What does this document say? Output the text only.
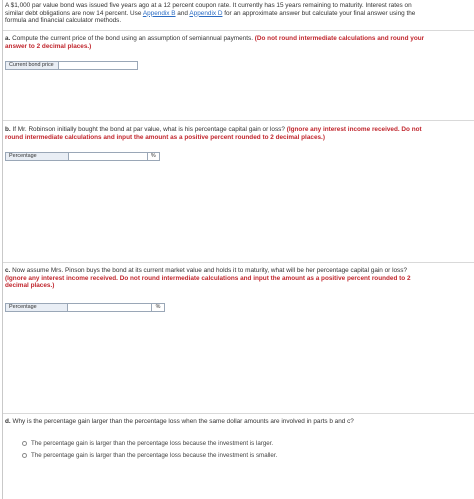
A $1,000 par value bond was issued five years ago at a 12 percent coupon rate. It currently has 15 years remaining to maturity. Interest rates on similar debt obligations are now 14 percent. Use Appendix B and Appendix D for an approximate answer but calculate your final answer using the formula and financial calculator methods.
a. Compute the current price of the bond using an assumption of semiannual payments. (Do not round intermediate calculations and round your answer to 2 decimal places.)
Current bond price
b. If Mr. Robinson initially bought the bond at par value, what is his percentage capital gain or loss? (Ignore any interest income received. Do not round intermediate calculations and input the amount as a positive percent rounded to 2 decimal places.)
Percentage	%
c. Now assume Mrs. Pinson buys the bond at its current market value and holds it to maturity, what will be her percentage capital gain or loss? (Ignore any interest income received. Do not round intermediate calculations and input the amount as a positive percent rounded to 2 decimal places.)
Percentage	%
d. Why is the percentage gain larger than the percentage loss when the same dollar amounts are involved in parts b and c?
The percentage gain is larger than the percentage loss because the investment is larger.
The percentage gain is larger than the percentage loss because the investment is smaller.
